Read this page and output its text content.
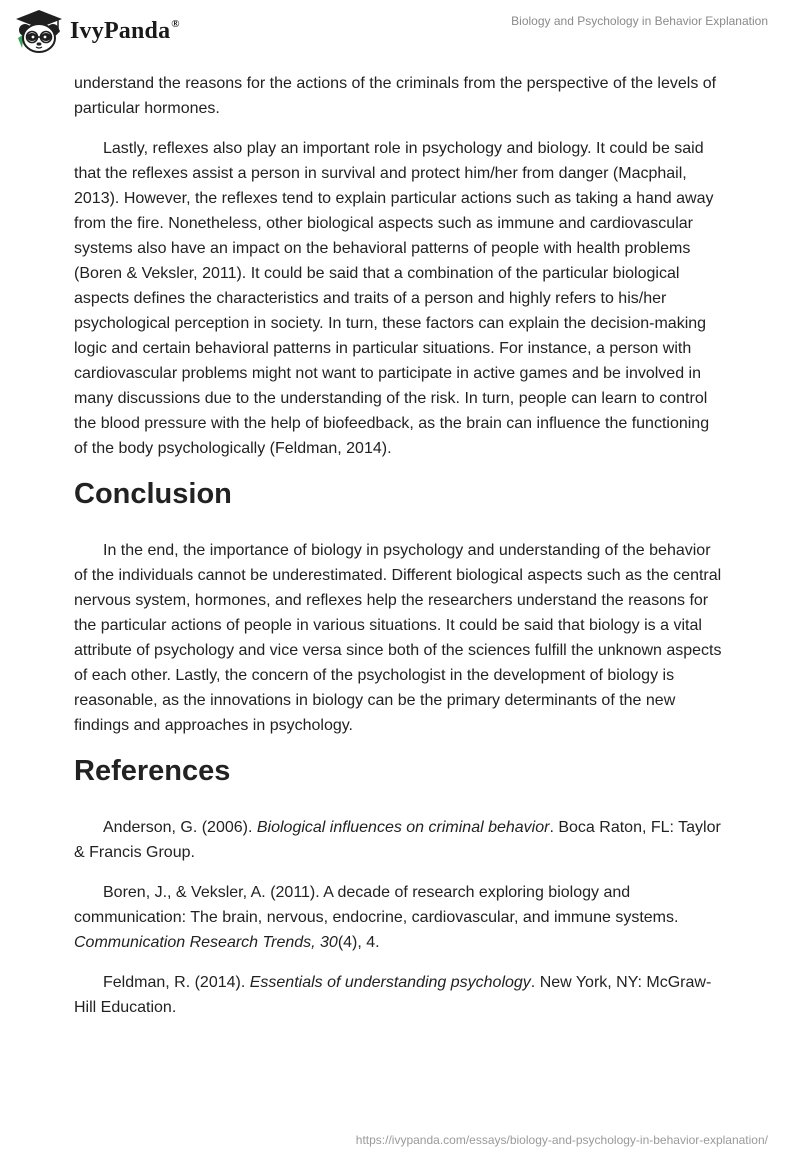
IvyPanda®	Biology and Psychology in Behavior Explanation

understand the reasons for the actions of the criminals from the perspective of the levels of particular hormones.

Lastly, reflexes also play an important role in psychology and biology. It could be said that the reflexes assist a person in survival and protect him/her from danger (Macphail, 2013). However, the reflexes tend to explain particular actions such as taking a hand away from the fire. Nonetheless, other biological aspects such as immune and cardiovascular systems also have an impact on the behavioral patterns of people with health problems (Boren & Veksler, 2011). It could be said that a combination of the particular biological aspects defines the characteristics and traits of a person and highly refers to his/her psychological perception in society. In turn, these factors can explain the decision-making logic and certain behavioral patterns in particular situations. For instance, a person with cardiovascular problems might not want to participate in active games and be involved in many discussions due to the understanding of the risk. In turn, people can learn to control the blood pressure with the help of biofeedback, as the brain can influence the functioning of the body psychologically (Feldman, 2014).

Conclusion

In the end, the importance of biology in psychology and understanding of the behavior of the individuals cannot be underestimated. Different biological aspects such as the central nervous system, hormones, and reflexes help the researchers understand the reasons for the particular actions of people in various situations. It could be said that biology is a vital attribute of psychology and vice versa since both of the sciences fulfill the unknown aspects of each other. Lastly, the concern of the psychologist in the development of biology is reasonable, as the innovations in biology can be the primary determinants of the new findings and approaches in psychology.

References

Anderson, G. (2006). Biological influences on criminal behavior. Boca Raton, FL: Taylor & Francis Group.

Boren, J., & Veksler, A. (2011). A decade of research exploring biology and communication: The brain, nervous, endocrine, cardiovascular, and immune systems. Communication Research Trends, 30(4), 4.

Feldman, R. (2014). Essentials of understanding psychology. New York, NY: McGraw-Hill Education.

https://ivypanda.com/essays/biology-and-psychology-in-behavior-explanation/
